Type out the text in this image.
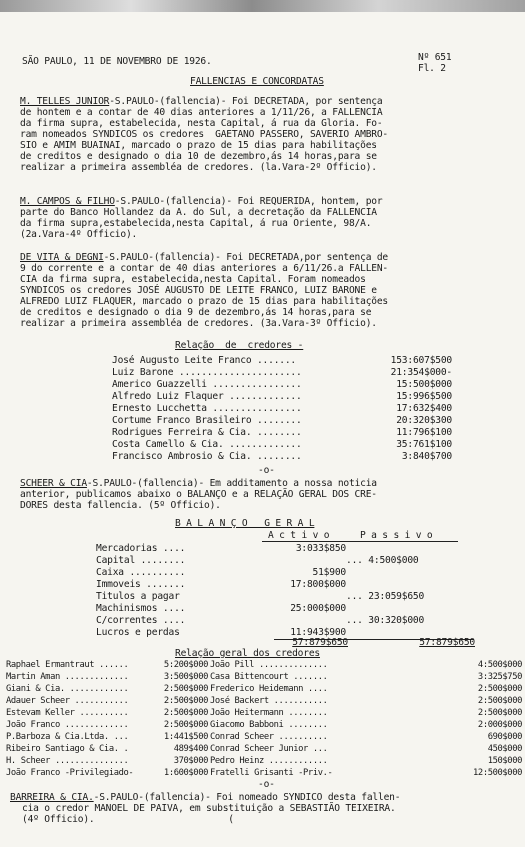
SÃO PAULO, 11 DE NOVEMBRO DE 1926.	Nº 651
Fl. 2
FALLENCIAS E CONCORDATAS

M. TELLES JUNIOR-S.PAULO-(fallencia)- Foi DECRETADA, por sentença

de hontem e a contar de 40 dias anteriores a 1/11/26, a FALLENCIA

da firma supra, estabelecida, nesta Capital, á rua da Gloria. Fo-

ram nomeados SYNDICOS os credores  GAETANO PASSERO, SAVERIO AMBRO-

SIO e AMIM BUAINAI, marcado o prazo de 15 dias para habilitações

de creditos e designado o dia 10 de dezembro,ás 14 horas,para se

realizar a primeira assembléa de credores. (la.Vara-2º Officio).

M. CAMPOS & FILHO-S.PAULO-(fallencia)- Foi REQUERIDA, hontem, por

parte do Banco Hollandez da A. do Sul, a decretação da FALLENCIA

da firma supra,estabelecida,nesta Capital, á rua Oriente, 98/A.

(2a.Vara-4º Officio).

DE VITA & DEGNI-S.PAULO-(fallencia)- Foi DECRETADA,por sentença de

9 do corrente e a contar de 40 dias anteriores a 6/11/26.a FALLEN-

CIA da firma supra, estabelecida,nesta Capital. Foram nomeados

SYNDICOS os credores JOSÉ AUGUSTO DE LEITE FRANCO, LUIZ BARONE e

ALFREDO LUIZ FLAQUER, marcado o prazo de 15 dias para habilitações

de creditos e designado o dia 9 de dezembro,ás 14 horas,para se

realizar a primeira assembléa de credores. (3a.Vara-3º Officio).

Relação  de  credores -

José Augusto Leite Franco .......	153:607$500

Luiz Barone ......................	21:354$000-

Americo Guazzelli ................	15:500$000

Alfredo Luiz Flaquer .............	15:996$500

Ernesto Lucchetta ................	17:632$400

Cortume Franco Brasileiro ........	20:320$300

Rodrigues Ferreira & Cia. ........	11:796$100

Costa Camello & Cia. .............	35:761$100

Francisco Ambrosio & Cia. ........	3:840$700

-o-

SCHEER & CIA-S.PAULO-(fallencia)- Em additamento a nossa noticia

anterior, publicamos abaixo o BALANÇO e a RELAÇÃO GERAL DOS CRE-

DORES desta fallencia. (5º Officio).

B A L A N Ç O   G E R A L
A c t i v o	P a s s i v o

Mercadorias ....	3:033$850

Capital ........	... 4:500$000

Caixa ..........	51$900

Immoveis .......	17:800$000

Titulos a pagar	... 23:059$650

Machinismos ....	25:000$000

C/correntes ....	... 30:320$000

Lucros e perdas	11:943$900

57:879$650	57:879$650
Relação geral dos credores

Raphael Ermantraut ......	5:200$000 João Pill ..............	4:500$000

Martin Aman .............	3:500$000 Casa Bittencourt .......	3:325$750

Giani & Cia. ............	2:500$000 Frederico Heidemann ....	2:500$000

Adauer Scheer ...........	2:500$000 José Backert ...........	2:500$000

Estevam Keller ..........	2:500$000 João Heitermann ........	2:500$000

João Franco .............	2:500$000 Giacomo Babboni ........	2:000$000

P.Barboza & Cia.Ltda. ...	1:441$500 Conrad Scheer ..........	690$000

Ribeiro Santiago & Cia. .	489$400 Conrad Scheer Junior ...	450$000

H. Scheer ...............	370$000 Pedro Heinz ............	150$000

João Franco -Privilegiado-	1:600$000 Fratelli Grisanti -Priv.-	12:500$000

-o-

BARREIRA & CIA.-S.PAULO-(fallencia)- Foi nomeado SYNDICO desta fallen-

cia o credor MANOEL DE PAIVA, em substituição a SEBASTIÃO TEIXEIRA.

(4º Officio).                        (
